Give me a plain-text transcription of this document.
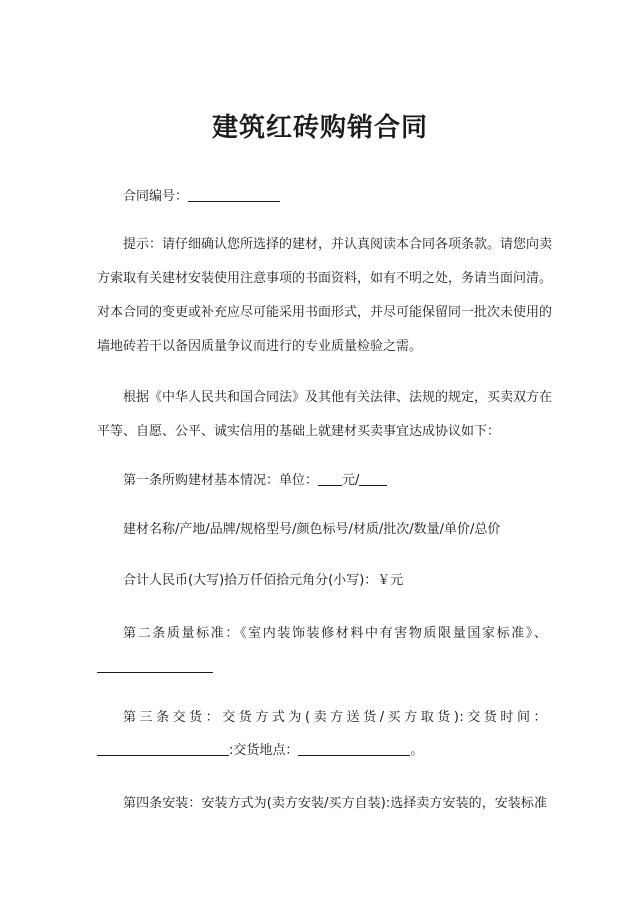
建筑红砖购销合同
合同编号：
提示：请仔细确认您所选择的建材，并认真阅读本合同各项条款。请您向卖
方索取有关建材安装使用注意事项的书面资料，如有不明之处，务请当面问清。
对本合同的变更或补充应尽可能采用书面形式，并尽可能保留同一批次未使用的
墙地砖若干以备因质量争议而进行的专业质量检验之需。
根据《中华人民共和国合同法》及其他有关法律、法规的规定，买卖双方在
平等、自愿、公平、诚实信用的基础上就建材买卖事宜达成协议如下：
第一条所购建材基本情况：单位： 元/
建材名称/产地/品牌/规格型号/颜色标号/材质/批次/数量/单价/总价
合计人民币(大写)拾万仟佰拾元角分(小写)：￥元
第二条质量标准：《室内装饰装修材料中有害物质限量国家标准》、
第三条交货：交货方式为(卖方送货/买方取货):交货时间：
:交货地点：	。
第四条安装：安装方式为(卖方安装/买方自装):选择卖方安装的，安装标准
